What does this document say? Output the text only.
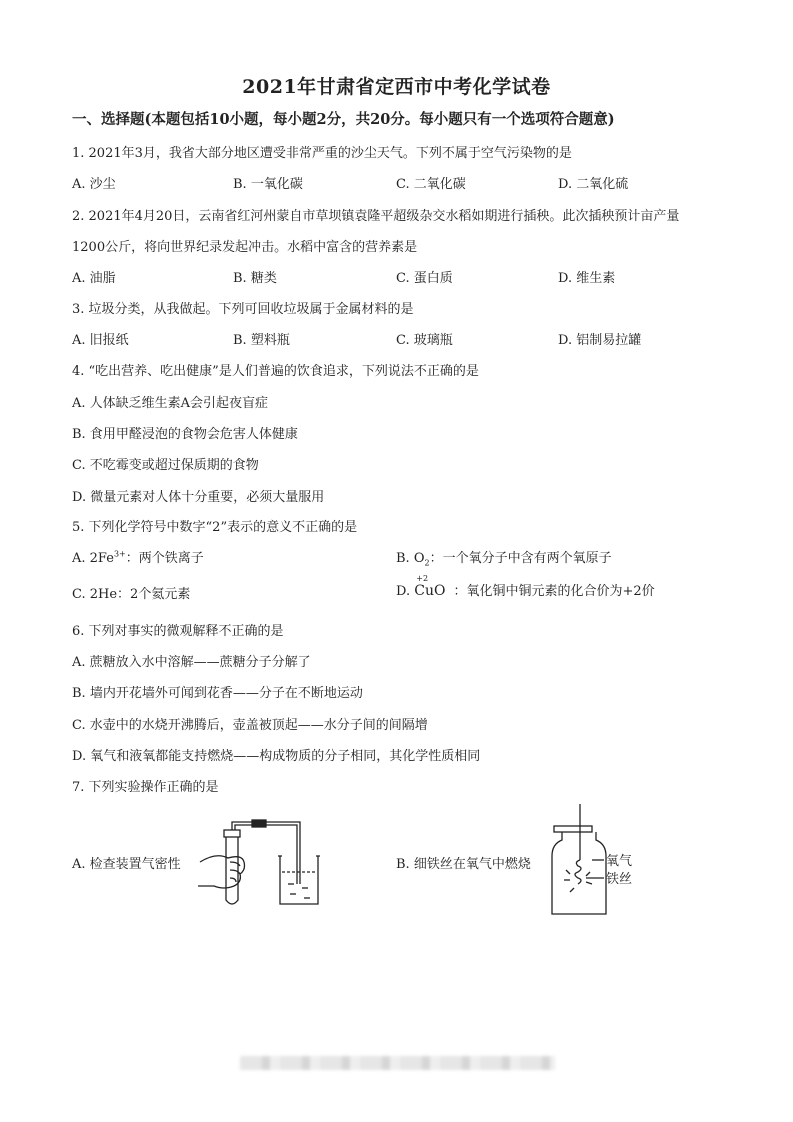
2021年甘肃省定西市中考化学试卷
一、选择题(本题包括10小题，每小题2分，共20分。每小题只有一个选项符合题意)
1. 2021年3月，我省大部分地区遭受非常严重的沙尘天气。下列不属于空气污染物的是
A. 沙尘	B. 一氧化碳	C. 二氧化碳	D. 二氧化硫
2. 2021年4月20日，云南省红河州蒙自市草坝镇袁隆平超级杂交水稻如期进行插秧。此次插秧预计亩产量
1200公斤，将向世界纪录发起冲击。水稻中富含的营养素是
A. 油脂	B. 糖类	C. 蛋白质	D. 维生素
3. 垃圾分类，从我做起。下列可回收垃圾属于金属材料的是
A. 旧报纸	B. 塑料瓶	C. 玻璃瓶	D. 铝制易拉罐
4. “吃出营养、吃出健康”是人们普遍的饮食追求，下列说法不正确的是
A. 人体缺乏维生素A会引起夜盲症
B. 食用甲醛浸泡的食物会危害人体健康
C. 不吃霉变或超过保质期的食物
D. 微量元素对人体十分重要，必须大量服用
5. 下列化学符号中数字“2”表示的意义不正确的是
A. $2Fe^{3+}$：两个铁离子	B. $O_2$：一个氧分子中含有两个氧原子
C. 2He：2个氦元素	D.
+2
CuO ：氧化铜中铜元素的化合价为+2价
6. 下列对事实的微观解释不正确的是
A. 蔗糖放入水中溶解——蔗糖分子分解了
B. 墙内开花墙外可闻到花香——分子在不断地运动
C. 水壶中的水烧开沸腾后，壶盖被顶起——水分子间的间隔增
D. 氧气和液氧都能支持燃烧——构成物质的分子相同，其化学性质相同
7. 下列实验操作正确的是
A. 检查装置气密性	B. 细铁丝在氧气中燃烧	氧气
铁丝
